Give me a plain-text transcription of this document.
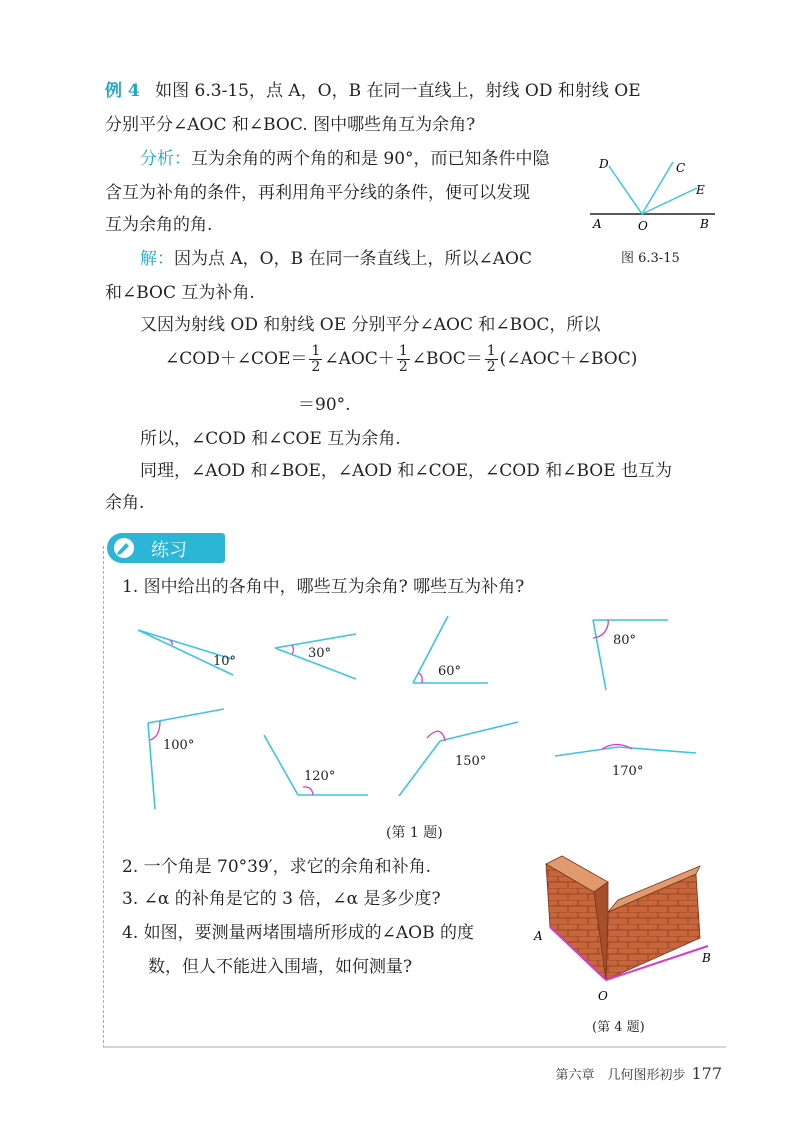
例 4 如图 6.3-15，点 A，O，B 在同一直线上，射线 OD 和射线 OE
分别平分∠AOC 和∠BOC. 图中哪些角互为余角?
分析：互为余角的两个角的和是 90°，而已知条件中隐
含互为补角的条件，再利用角平分线的条件，便可以发现
互为余角的角.
解：因为点 A，O，B 在同一条直线上，所以∠AOC
和∠BOC 互为补角.
又因为射线 OD 和射线 OE 分别平分∠AOC 和∠BOC，所以
∠COD＋∠COE＝ $\frac{1}{2}$ ∠AOC＋ $\frac{1}{2}$ ∠BOC＝ $\frac{1}{2}$ (∠AOC＋∠BOC)
＝90°.
所以，∠COD 和∠COE 互为余角.
同理，∠AOD 和∠BOE，∠AOD 和∠COE，∠COD 和∠BOE 也互为
余角.
D	C
E
A	O	B
图 6.3-15
练习
1. 图中给出的各角中，哪些互为余角? 哪些互为补角?
10°
30°
60°
80°
100°
120°
150°
170°
(第 1 题)
2. 一个角是 70°39′，求它的余角和补角.
3. ∠α 的补角是它的 3 倍，∠α 是多少度?
4. 如图，要测量两堵围墙所形成的∠AOB 的度
数，但人不能进入围墙，如何测量?
A
B
O
(第 4 题)
第六章　几何图形初步 177
